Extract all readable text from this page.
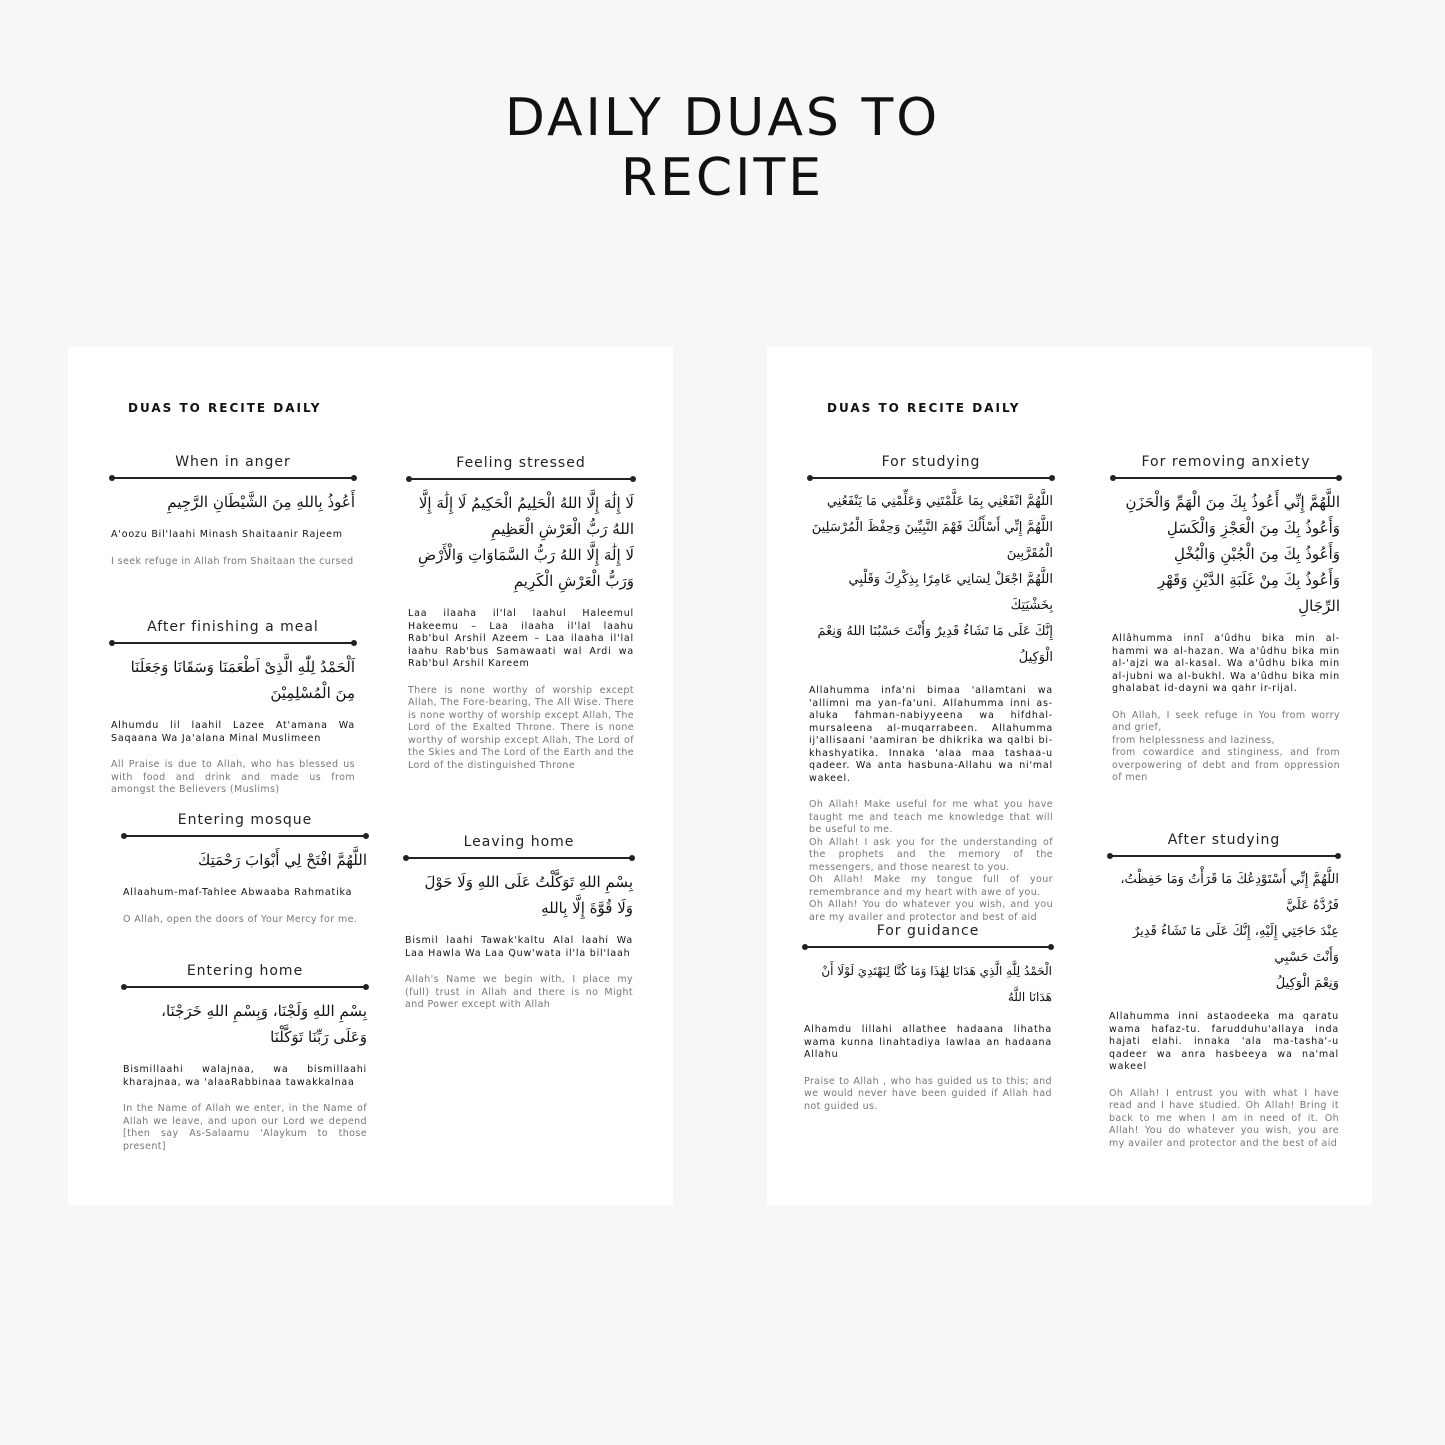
DAILY DUAS TO
RECITE
DUAS TO RECITE DAILY
When in anger
أَعُوذُ بِاللهِ مِنَ الشَّيْطَانِ الرَّجِيمِ
A'oozu Bil'laahi Minash Shaitaanir Rajeem
I seek refuge in Allah from Shaitaan the cursed
After finishing a meal
اَلْحَمْدُ لِلّٰهِ الَّذِىْ اَطْعَمَنَا وَسَقَانَا وَجَعَلَنَا مِنَ الْمُسْلِمِيْنَ
Alhumdu lil laahil Lazee At'amana Wa Saqaana Wa Ja'alana Minal Muslimeen
All Praise is due to Allah, who has blessed us with food and drink and made us from amongst the Believers (Muslims)
Entering mosque
اللَّهُمَّ افْتَحْ لِي أَبْوَابَ رَحْمَتِكَ
Allaahum-maf-Tahlee Abwaaba Rahmatika
O Allah, open the doors of Your Mercy for me.
Entering home
بِسْمِ اللهِ وَلَجْنَا، وَبِسْمِ اللهِ خَرَجْنَا، وَعَلَى رَبِّنَا تَوَكَّلْنَا
Bismillaahi walajnaa, wa bismillaahi kharajnaa, wa 'alaaRabbinaa tawakkalnaa
In the Name of Allah we enter, in the Name of Allah we leave, and upon our Lord we depend [then say As-Salaamu 'Alaykum to those present]
Feeling stressed
لَا إِلَٰهَ إِلَّا اللهُ الْحَلِيمُ الْحَكِيمُ لَا إِلَٰهَ إِلَّا اللهُ رَبُّ الْعَرْشِ الْعَظِيمِ
لَا إِلَٰهَ إِلَّا اللهُ رَبُّ السَّمَاوَاتِ وَالْأَرْضِ وَرَبُّ الْعَرْشِ الْكَرِيمِ
Laa ilaaha il'lal laahul Haleemul Hakeemu – Laa ilaaha il'lal laahu Rab'bul Arshil Azeem – Laa ilaaha il'lal laahu Rab'bus Samawaati wal Ardi wa Rab'bul Arshil Kareem
There is none worthy of worship except Allah, The Fore-bearing, The All Wise. There is none worthy of worship except Allah, The Lord of the Exalted Throne. There is none worthy of worship except Allah, The Lord of the Skies and The Lord of the Earth and the Lord of the distinguished Throne
Leaving home
بِسْمِ اللهِ تَوَكَّلْتُ عَلَى اللهِ وَلَا حَوْلَ وَلَا قُوَّةَ إِلَّا بِاللهِ
Bismil laahi Tawak'kaltu Alal laahi Wa Laa Hawla Wa Laa Quw'wata il'la bil'laah
Allah's Name we begin with, I place my (full) trust in Allah and there is no Might and Power except with Allah
DUAS TO RECITE DAILY
For studying
اللَّهُمَّ انْفَعْنِي بِمَا عَلَّمْتَنِي وَعَلِّمْنِي مَا يَنْفَعُنِي
اللَّهُمَّ إِنِّي أَسْأَلُكَ فَهْمَ النَّبِيِّينَ وَحِفْظَ الْمُرْسَلِينَ الْمُقَرَّبِينَ
اللَّهُمَّ اجْعَلْ لِسَانِي عَامِرًا بِذِكْرِكَ وَقَلْبِي بِخَشْيَتِكَ
إِنَّكَ عَلَى مَا تَشَاءُ قَدِيرٌ وَأَنْتَ حَسْبُنَا اللهُ وَنِعْمَ الْوَكِيلُ
Allahumma infa'ni bimaa 'allamtani wa 'allimni ma yan-fa'uni. Allahumma inni as-aluka fahman-nabiyyeena wa hifdhal-mursaleena al-muqarrabeen. Allahumma ij'allisaani 'aamiran be dhikrika wa qalbi bi- khashyatika. Innaka 'alaa maa tashaa-u qadeer. Wa anta hasbuna-Allahu wa ni'mal wakeel.
Oh Allah! Make useful for me what you have taught me and teach me knowledge that will be useful to me.
Oh Allah! I ask you for the understanding of the prophets and the memory of the messengers, and those nearest to you.
Oh Allah! Make my tongue full of your remembrance and my heart with awe of you.
Oh Allah! You do whatever you wish, and you are my availer and protector and best of aid
For guidance
الْحَمْدُ لِلَّهِ الَّذِي هَدَانَا لِهَٰذَا وَمَا كُنَّا لِنَهْتَدِيَ لَوْلَا أَنْ هَدَانَا اللَّهُ
Alhamdu lillahi allathee hadaana lihatha wama kunna linahtadiya lawlaa an hadaana Allahu
Praise to Allah , who has guided us to this; and we would never have been guided if Allah had not guided us.
For removing anxiety
اللَّهُمَّ إِنِّي أَعُوذُ بِكَ مِنَ الْهَمِّ وَالْحَزَنِ
وَأَعُوذُ بِكَ مِنَ الْعَجْزِ وَالْكَسَلِ
وَأَعُوذُ بِكَ مِنَ الْجُبْنِ وَالْبُخْلِ
وَأَعُوذُ بِكَ مِنْ غَلَبَةِ الدَّيْنِ وَقَهْرِ الرِّجَالِ
Allâhumma innî a'ûdhu bika min al-hammi wa al-hazan. Wa a'ûdhu bika min al-'ajzi wa al-kasal. Wa a'ûdhu bika min al-jubni wa al-bukhl. Wa a'ûdhu bika min ghalabat id-dayni wa qahr ir-rijal.
Oh Allah, I seek refuge in You from worry and grief,
from helplessness and laziness,
from cowardice and stinginess, and from overpowering of debt and from oppression of men
After studying
اللَّهُمَّ إِنِّي أَسْتَوْدِعُكَ مَا قَرَأْتُ وَمَا حَفِظْتُ، فَرُدَّهُ عَلَيَّ
عِنْدَ حَاجَتِي إِلَيْهِ، إِنَّكَ عَلَى مَا تَشَاءُ قَدِيرٌ وَأَنْتَ حَسْبِي
وَنِعْمَ الْوَكِيلُ
Allahumma inni astaodeeka ma qaratu wama hafaz-tu. farudduhu'allaya inda hajati elahi. innaka 'ala ma-tasha'-u qadeer wa anra hasbeeya wa na'mal wakeel
Oh Allah! I entrust you with what I have read and I have studied. Oh Allah! Bring it back to me when I am in need of it. Oh Allah! You do whatever you wish, you are my availer and protector and the best of aid
